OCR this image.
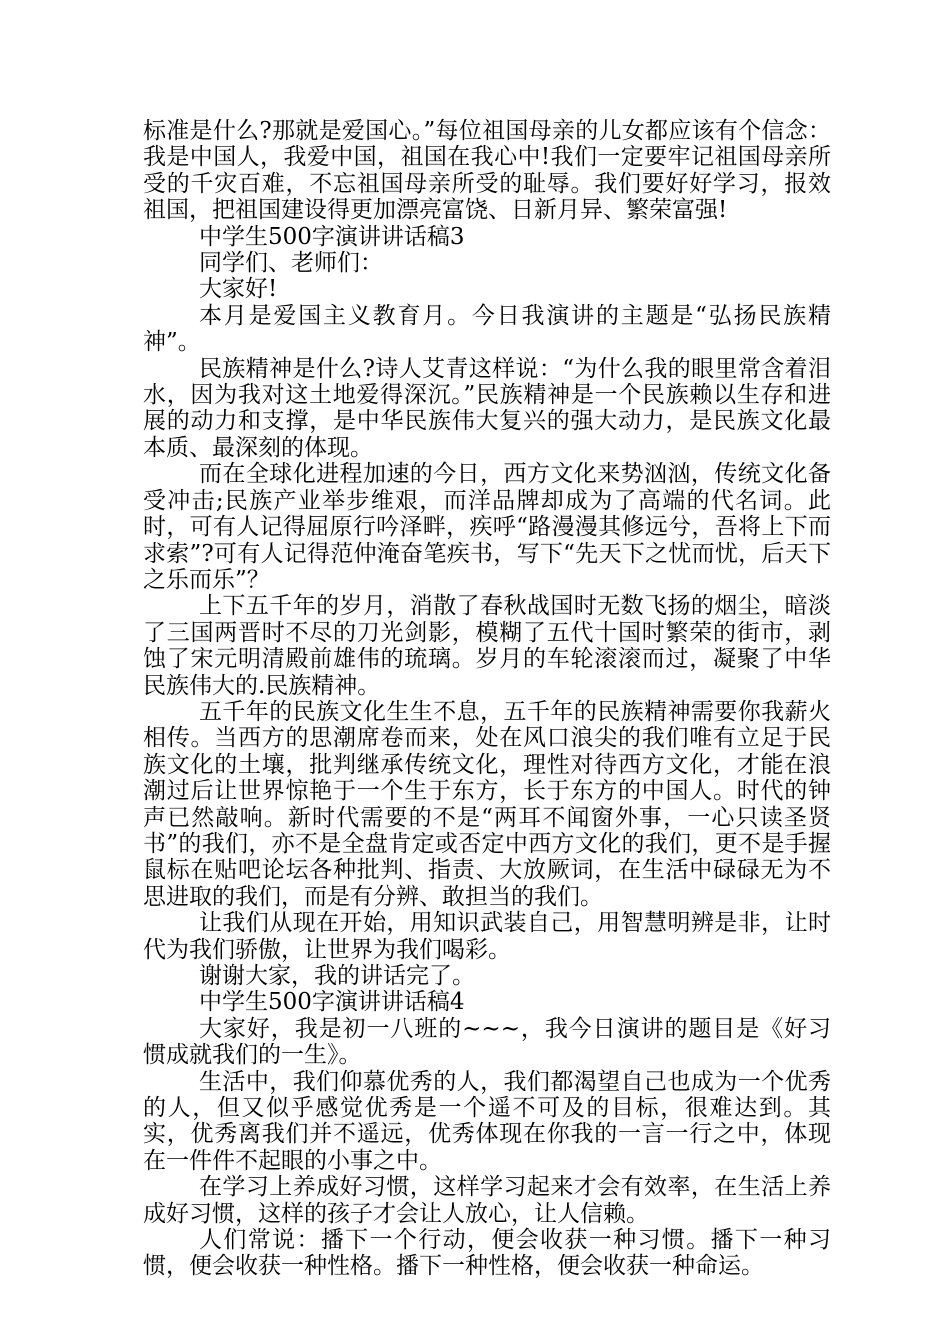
标准是什么?那就是爱国心。”每位祖国母亲的儿女都应该有个信念：我是中国人，我爱中国，祖国在我心中!我们一定要牢记祖国母亲所受的千灾百难，不忘祖国母亲所受的耻辱。我们要好好学习，报效祖国，把祖国建设得更加漂亮富饶、日新月异、繁荣富强!

中学生500字演讲讲话稿3

同学们、老师们：

大家好!

本月是爱国主义教育月。今日我演讲的主题是“弘扬民族精神”。

民族精神是什么?诗人艾青这样说：“为什么我的眼里常含着泪水，因为我对这土地爱得深沉。”民族精神是一个民族赖以生存和进展的动力和支撑，是中华民族伟大复兴的强大动力，是民族文化最本质、最深刻的体现。

而在全球化进程加速的今日，西方文化来势汹汹，传统文化备受冲击;民族产业举步维艰，而洋品牌却成为了高端的代名词。此时，可有人记得屈原行吟泽畔，疾呼“路漫漫其修远兮，吾将上下而求索”?可有人记得范仲淹奋笔疾书，写下“先天下之忧而忧，后天下之乐而乐”？

上下五千年的岁月，消散了春秋战国时无数飞扬的烟尘，暗淡了三国两晋时不尽的刀光剑影，模糊了五代十国时繁荣的街市，剥蚀了宋元明清殿前雄伟的琉璃。岁月的车轮滚滚而过，凝聚了中华民族伟大的.民族精神。

五千年的民族文化生生不息，五千年的民族精神需要你我薪火相传。当西方的思潮席卷而来，处在风口浪尖的我们唯有立足于民族文化的土壤，批判继承传统文化，理性对待西方文化，才能在浪潮过后让世界惊艳于一个生于东方，长于东方的中国人。时代的钟声已然敲响。新时代需要的不是“两耳不闻窗外事，一心只读圣贤书”的我们，亦不是全盘肯定或否定中西方文化的我们，更不是手握鼠标在贴吧论坛各种批判、指责、大放厥词，在生活中碌碌无为不思进取的我们，而是有分辨、敢担当的我们。

让我们从现在开始，用知识武装自己，用智慧明辨是非，让时代为我们骄傲，让世界为我们喝彩。

谢谢大家，我的讲话完了。

中学生500字演讲讲话稿4

大家好，我是初一八班的~~~，我今日演讲的题目是《好习惯成就我们的一生》。

生活中，我们仰慕优秀的人，我们都渴望自己也成为一个优秀的人，但又似乎感觉优秀是一个遥不可及的目标，很难达到。其实，优秀离我们并不遥远，优秀体现在你我的一言一行之中，体现在一件件不起眼的小事之中。

在学习上养成好习惯，这样学习起来才会有效率，在生活上养成好习惯，这样的孩子才会让人放心，让人信赖。

人们常说：播下一个行动，便会收获一种习惯。播下一种习惯，便会收获一种性格。播下一种性格，便会收获一种命运。
